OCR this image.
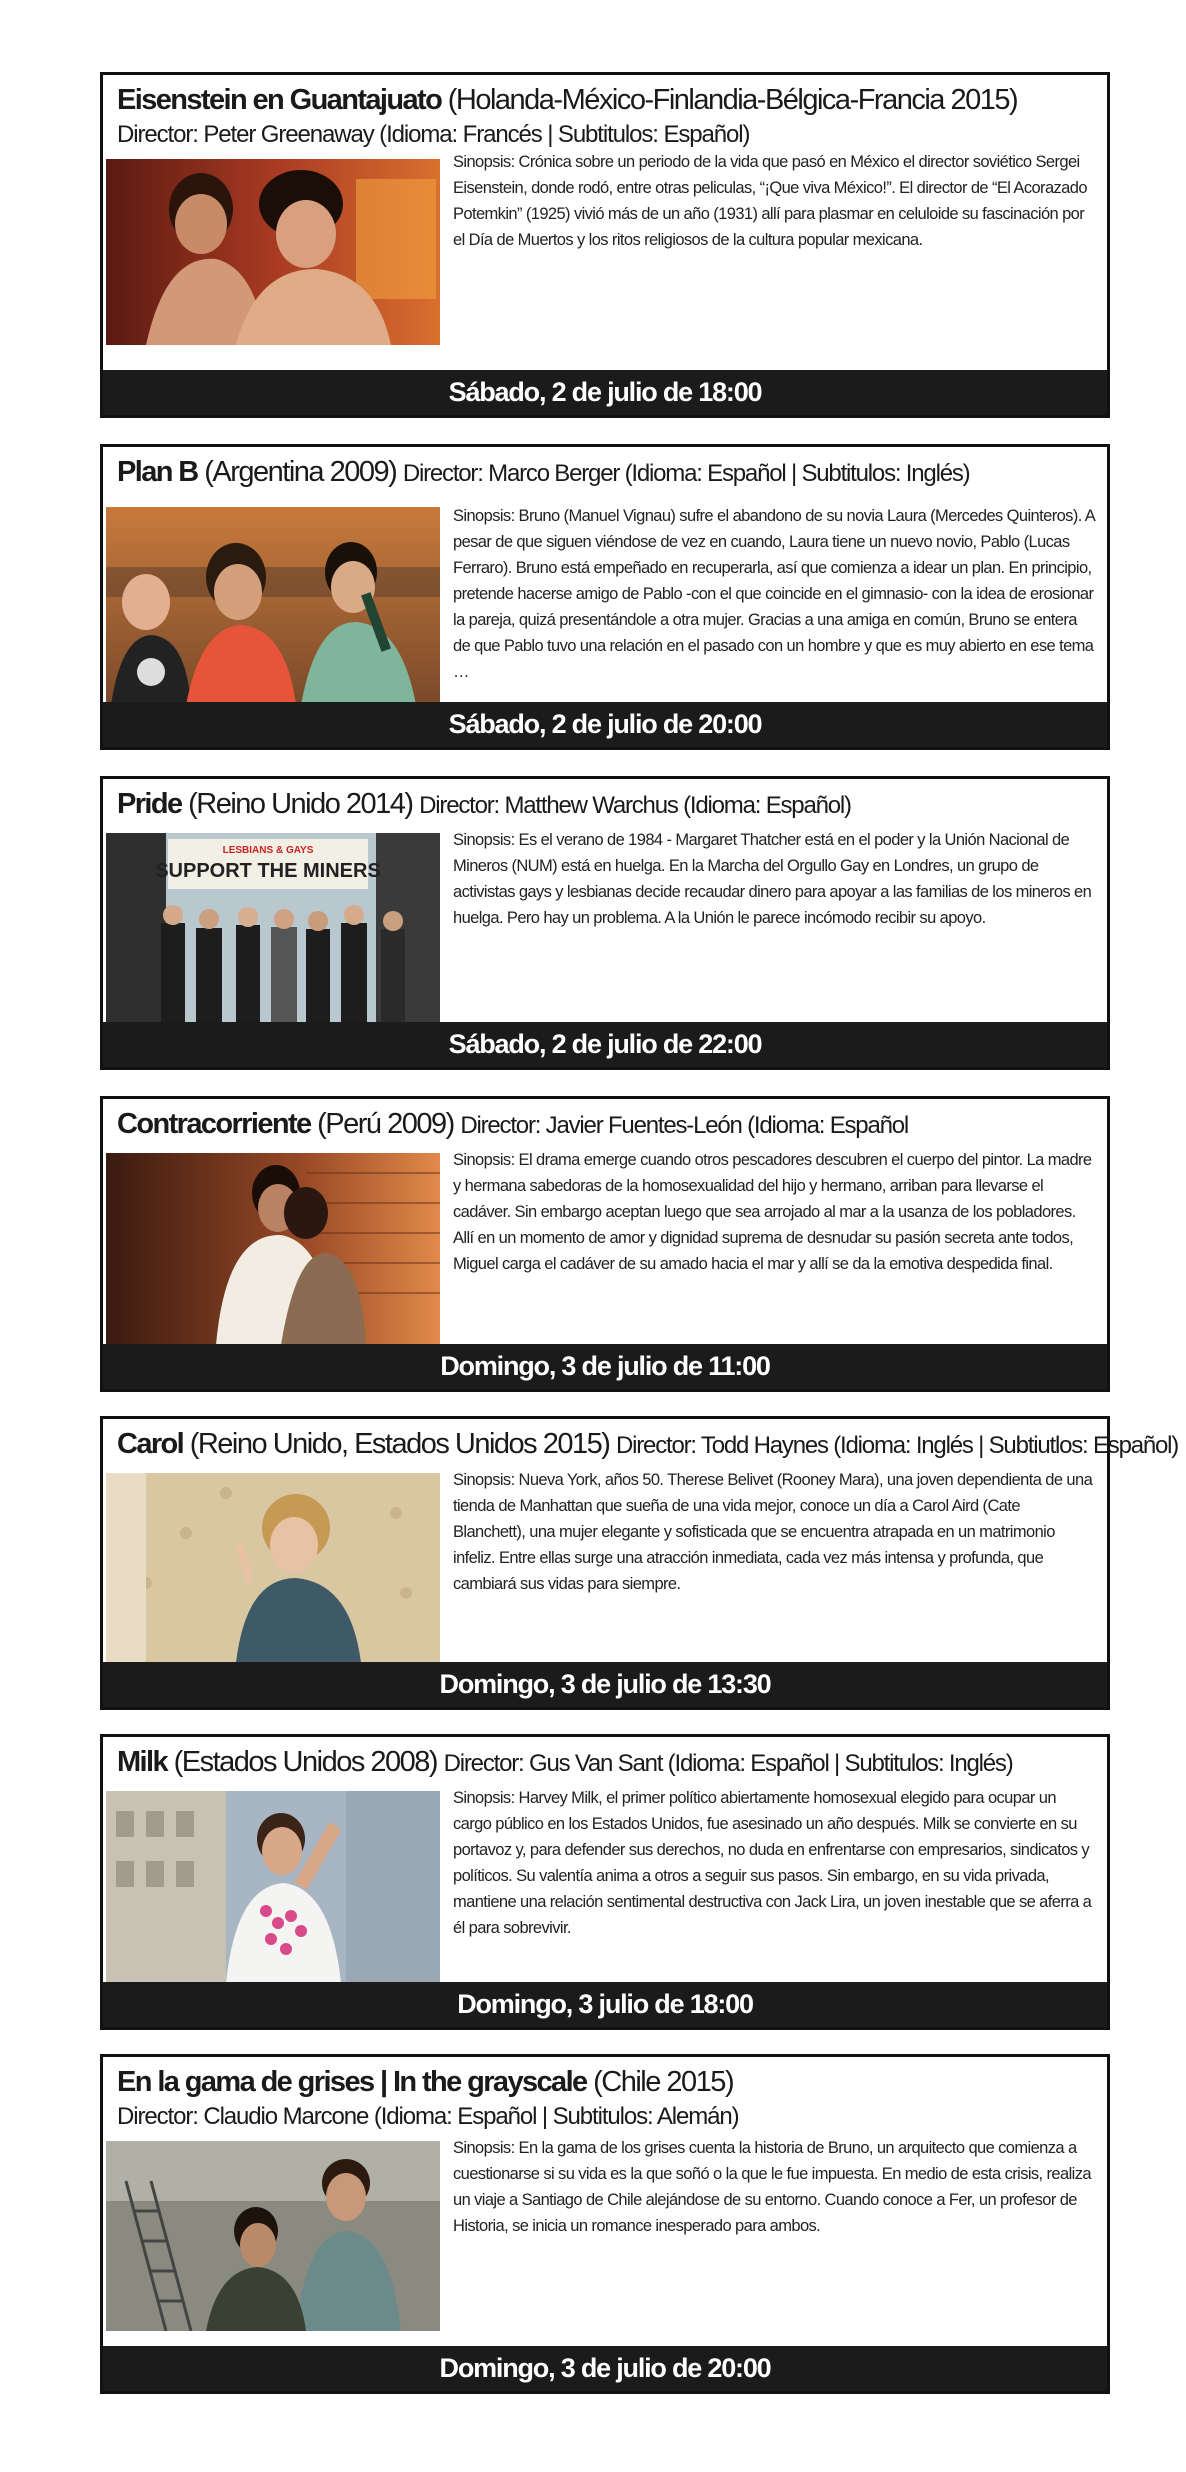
Eisenstein en Guantajuato (Holanda-México-Finlandia-Bélgica-Francia 2015)
Director: Peter Greenaway (Idioma: Francés | Subtitulos: Español)
Sinopsis: Crónica sobre un periodo de la vida que pasó en México el director soviético Sergei Eisenstein, donde rodó, entre otras peliculas, “¡Que viva México!”. El director de “El Acorazado Potemkin” (1925) vivió más de un año (1931) allí para plasmar en celuloide su fascinación por el Día de Muertos y los ritos religiosos de la cultura popular mexicana.
Sábado, 2 de julio de 18:00
Plan B (Argentina 2009) Director: Marco Berger (Idioma: Español | Subtitulos: Inglés)
Sinopsis: Bruno (Manuel Vignau) sufre el abandono de su novia Laura (Mercedes Quinteros). A pesar de que siguen viéndose de vez en cuando, Laura tiene un nuevo novio, Pablo (Lucas Ferraro). Bruno está empeñado en recuperarla, así que comienza a idear un plan. En principio, pretende hacerse amigo de Pablo -con el que coincide en el gimnasio- con la idea de erosionar la pareja, quizá presentándole a otra mujer. Gracias a una amiga en común, Bruno se entera de que Pablo tuvo una relación en el pasado con un hombre y que es muy abierto en ese tema …
Sábado, 2 de julio de 20:00
Pride (Reino Unido 2014) Director: Matthew Warchus (Idioma: Español)
LESBIANS & GAYS
SUPPORT THE MINERS
Sinopsis: Es el verano de 1984 - Margaret Thatcher está en el poder y la Unión Nacional de Mineros (NUM) está en huelga. En la Marcha del Orgullo Gay en Londres, un grupo de activistas gays y lesbianas decide recaudar dinero para apoyar a las familias de los mineros en huelga. Pero hay un problema. A la Unión le parece incómodo recibir su apoyo.
Sábado, 2 de julio de 22:00
Contracorriente (Perú 2009) Director: Javier Fuentes-León (Idioma: Español
Sinopsis: El drama emerge cuando otros pescadores descubren el cuerpo del pintor. La madre y hermana sabedoras de la homosexualidad del hijo y hermano, arriban para llevarse el cadáver. Sin embargo aceptan luego que sea arrojado al mar a la usanza de los pobladores. Allí en un momento de amor y dignidad suprema de desnudar su pasión secreta ante todos, Miguel carga el cadáver de su amado hacia el mar y allí se da la emotiva despedida final.
Domingo, 3 de julio de 11:00
Carol (Reino Unido, Estados Unidos 2015) Director: Todd Haynes (Idioma: Inglés | Subtiutlos: Español)
Sinopsis: Nueva York, años 50. Therese Belivet (Rooney Mara), una joven dependienta de una tienda de Manhattan que sueña de una vida mejor, conoce un día a Carol Aird (Cate Blanchett), una mujer elegante y sofisticada que se encuentra atrapada en un matrimonio infeliz. Entre ellas surge una atracción inmediata, cada vez más intensa y profunda, que cambiará sus vidas para siempre.
Domingo, 3 de julio de 13:30
Milk (Estados Unidos 2008) Director: Gus Van Sant (Idioma: Español | Subtitulos: Inglés)
Sinopsis: Harvey Milk, el primer político abiertamente homosexual elegido para ocupar un cargo público en los Estados Unidos, fue asesinado un año después. Milk se convierte en su portavoz y, para defender sus derechos, no duda en enfrentarse con empresarios, sindicatos y políticos. Su valentía anima a otros a seguir sus pasos. Sin embargo, en su vida privada, mantiene una relación sentimental destructiva con Jack Lira, un joven inestable que se aferra a él para sobrevivir.
Domingo, 3 julio de 18:00
En la gama de grises | In the grayscale (Chile 2015)
Director: Claudio Marcone (Idioma: Español | Subtitulos: Alemán)
Sinopsis: En la gama de los grises cuenta la historia de Bruno, un arquitecto que comienza a cuestionarse si su vida es la que soñó o la que le fue impuesta. En medio de esta crisis, realiza un viaje a Santiago de Chile alejándose de su entorno. Cuando conoce a Fer, un profesor de Historia, se inicia un romance inesperado para ambos.
Domingo, 3 de julio de 20:00
